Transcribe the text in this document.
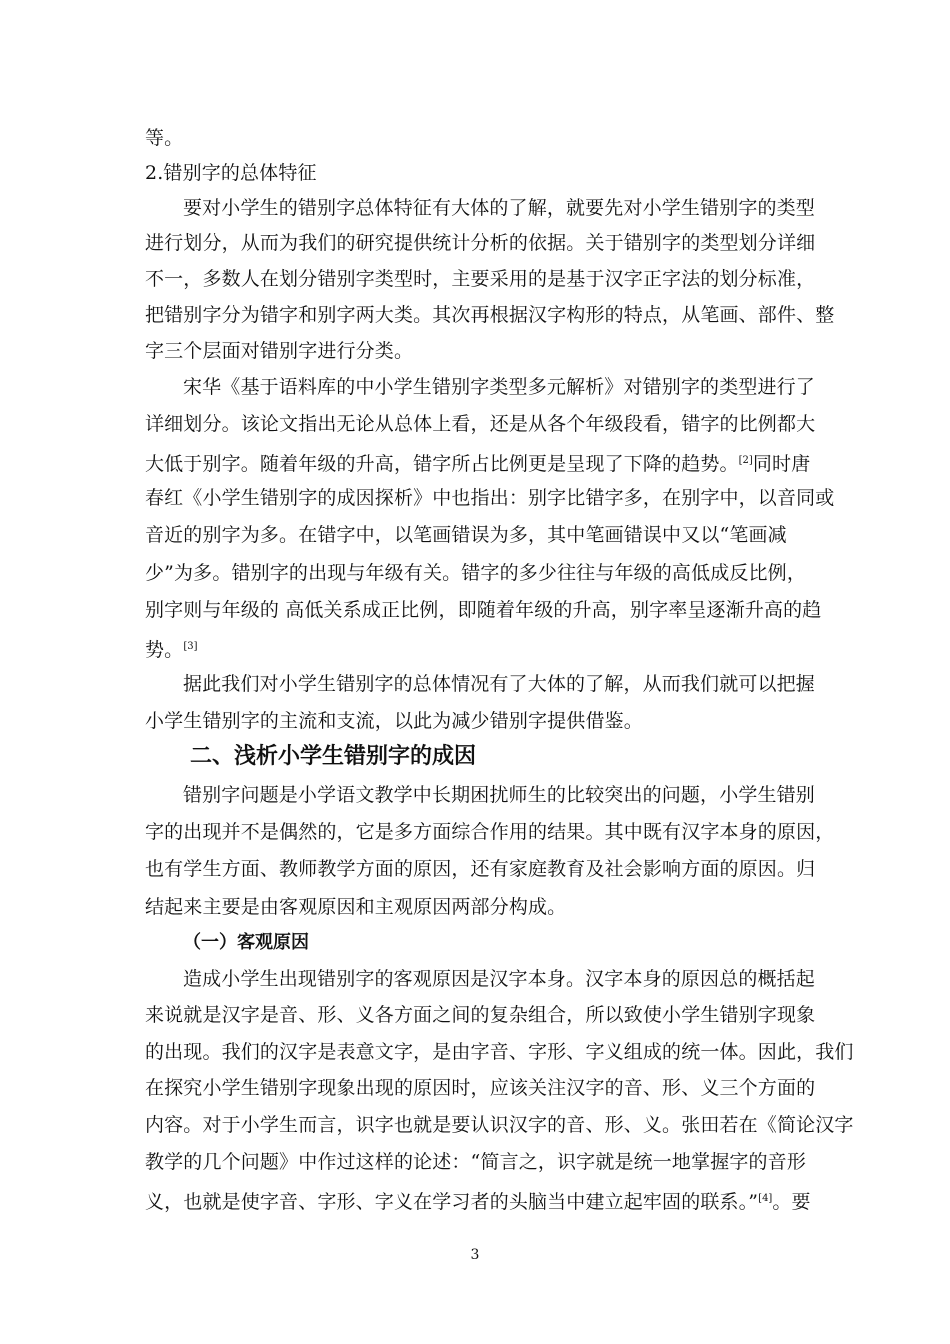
等。
2.错别字的总体特征
要对小学生的错别字总体特征有大体的了解，就要先对小学生错别字的类型
进行划分，从而为我们的研究提供统计分析的依据。关于错别字的类型划分详细
不一，多数人在划分错别字类型时，主要采用的是基于汉字正字法的划分标准，
把错别字分为错字和别字两大类。其次再根据汉字构形的特点，从笔画、部件、整
字三个层面对错别字进行分类。
宋华《基于语料库的中小学生错别字类型多元解析》对错别字的类型进行了
详细划分。该论文指出无论从总体上看，还是从各个年级段看，错字的比例都大
大低于别字。随着年级的升高，错字所占比例更是呈现了下降的趋势。[2]同时唐
春红《小学生错别字的成因探析》中也指出：别字比错字多，在别字中，以音同或
音近的别字为多。在错字中，以笔画错误为多，其中笔画错误中又以“笔画减
少”为多。错别字的出现与年级有关。错字的多少往往与年级的高低成反比例，
别字则与年级的 高低关系成正比例，即随着年级的升高，别字率呈逐渐升高的趋
势。[3]
据此我们对小学生错别字的总体情况有了大体的了解，从而我们就可以把握
小学生错别字的主流和支流，以此为减少错别字提供借鉴。
二、浅析小学生错别字的成因
错别字问题是小学语文教学中长期困扰师生的比较突出的问题，小学生错别
字的出现并不是偶然的，它是多方面综合作用的结果。其中既有汉字本身的原因，
也有学生方面、教师教学方面的原因，还有家庭教育及社会影响方面的原因。归
结起来主要是由客观原因和主观原因两部分构成。
（一）客观原因
造成小学生出现错别字的客观原因是汉字本身。汉字本身的原因总的概括起
来说就是汉字是音、形、义各方面之间的复杂组合，所以致使小学生错别字现象
的出现。我们的汉字是表意文字，是由字音、字形、字义组成的统一体。因此，我们
在探究小学生错别字现象出现的原因时，应该关注汉字的音、形、义三个方面的
内容。对于小学生而言，识字也就是要认识汉字的音、形、义。张田若在《简论汉字
教学的几个问题》中作过这样的论述：“简言之，识字就是统一地掌握字的音形
义，也就是使字音、字形、字义在学习者的头脑当中建立起牢固的联系。”[4]。要
3
